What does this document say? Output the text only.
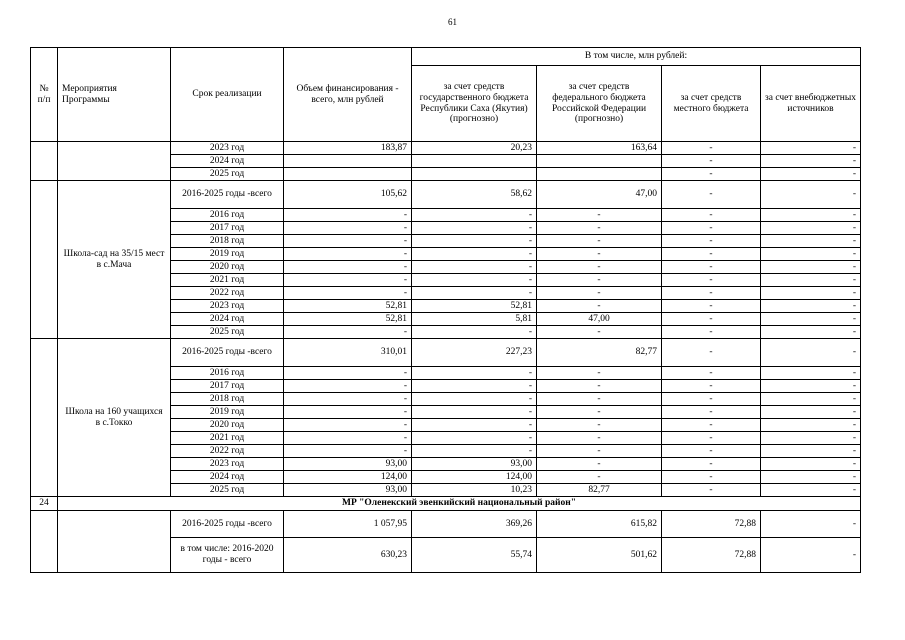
61
№ п/п	Мероприятия Программы	Срок реализации	Объем финансирования - всего, млн рублей	В том числе, млн рублей:			
				за счет средств государственного бюджета Республики Саха (Якутия) (прогнозно)	за счет средств федерального бюджета Российской Федерации (прогнозно)	за счет средств местного бюджета	за счет внебюджетных источников
		2023 год	183,87	20,23	163,64	-	-
		2024 год				-	-
		2025 год				-	-
	Школа-сад на 35/15 мест в с.Мача	2016-2025 годы -всего	105,62	58,62	47,00	-	-
		2016 год	-	-	-	-	-
		2017 год	-	-	-	-	-
		2018 год	-	-	-	-	-
		2019 год	-	-	-	-	-
		2020 год	-	-	-	-	-
		2021 год	-	-	-	-	-
		2022 год	-	-	-	-	-
		2023 год	52,81	52,81	-	-	-
		2024 год	52,81	5,81	47,00	-	-
		2025 год	-	-	-	-	-
	Школа на 160 учащихся в с.Токко	2016-2025 годы -всего	310,01	227,23	82,77	-	-
		2016 год	-	-	-	-	-
		2017 год	-	-	-	-	-
		2018 год	-	-	-	-	-
		2019 год	-	-	-	-	-
		2020 год	-	-	-	-	-
		2021 год	-	-	-	-	-
		2022 год	-	-	-	-	-
		2023 год	93,00	93,00	-	-	-
		2024 год	124,00	124,00	-	-	-
		2025 год	93,00	10,23	82,77	-	-
24	МР "Оленекский эвенкийский национальный район"						
		2016-2025 годы -всего	1 057,95	369,26	615,82	72,88	-
		в том числе: 2016-2020 годы - всего	630,23	55,74	501,62	72,88	-
